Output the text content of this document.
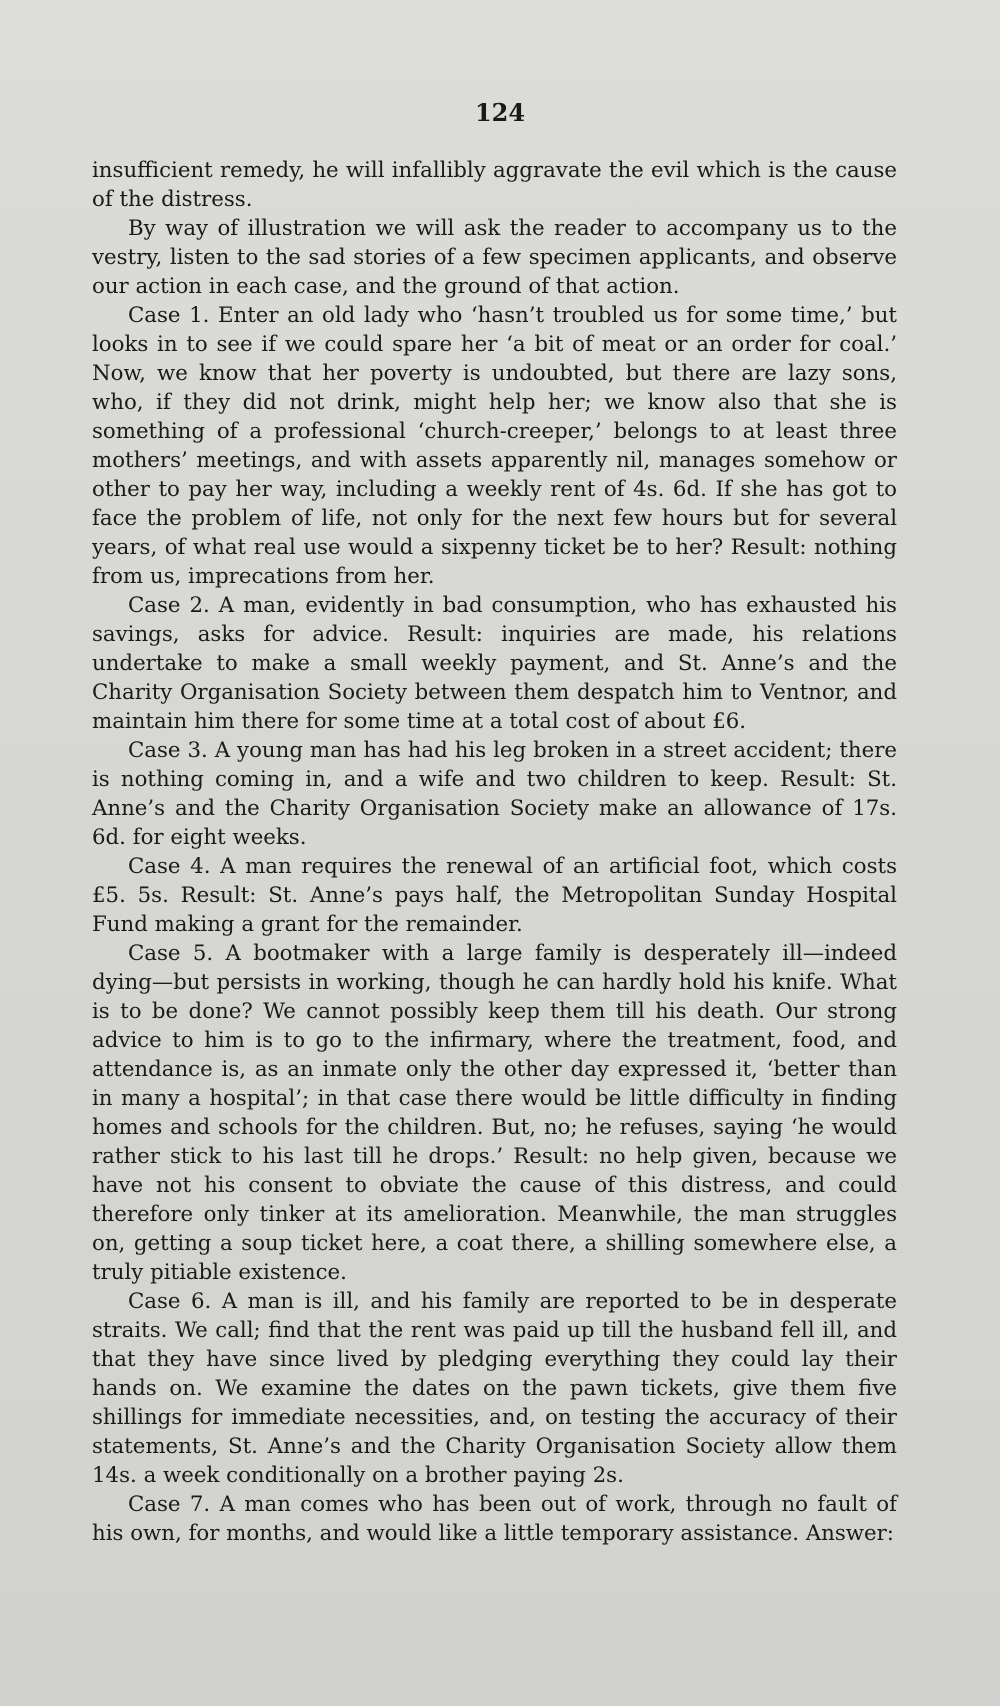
124

insufficient remedy, he will infallibly aggravate the evil which is the cause of the distress.

By way of illustration we will ask the reader to accompany us to the vestry, listen to the sad stories of a few specimen applicants, and observe our action in each case, and the ground of that action.

Case 1. Enter an old lady who ‘hasn’t troubled us for some time,’ but looks in to see if we could spare her ‘a bit of meat or an order for coal.’ Now, we know that her poverty is undoubted, but there are lazy sons, who, if they did not drink, might help her; we know also that she is something of a professional ‘church-creeper,’ belongs to at least three mothers’ meetings, and with assets apparently nil, manages somehow or other to pay her way, including a weekly rent of 4s. 6d. If she has got to face the problem of life, not only for the next few hours but for several years, of what real use would a sixpenny ticket be to her? Result: nothing from us, imprecations from her.

Case 2. A man, evidently in bad consumption, who has exhausted his savings, asks for advice. Result: inquiries are made, his relations undertake to make a small weekly payment, and St. Anne’s and the Charity Organisation Society between them despatch him to Ventnor, and maintain him there for some time at a total cost of about £6.

Case 3. A young man has had his leg broken in a street accident; there is nothing coming in, and a wife and two children to keep. Result: St. Anne’s and the Charity Organisation Society make an allowance of 17s. 6d. for eight weeks.

Case 4. A man requires the renewal of an artificial foot, which costs £5. 5s. Result: St. Anne’s pays half, the Metropolitan Sunday Hospital Fund making a grant for the remainder.

Case 5. A bootmaker with a large family is desperately ill—indeed dying—but persists in working, though he can hardly hold his knife. What is to be done? We cannot possibly keep them till his death. Our strong advice to him is to go to the infirmary, where the treatment, food, and attendance is, as an inmate only the other day expressed it, ‘better than in many a hospital’; in that case there would be little difficulty in finding homes and schools for the children. But, no; he refuses, saying ‘he would rather stick to his last till he drops.’ Result: no help given, because we have not his consent to obviate the cause of this distress, and could therefore only tinker at its amelioration. Meanwhile, the man struggles on, getting a soup ticket here, a coat there, a shilling somewhere else, a truly pitiable existence.

Case 6. A man is ill, and his family are reported to be in desperate straits. We call; find that the rent was paid up till the husband fell ill, and that they have since lived by pledging everything they could lay their hands on. We examine the dates on the pawn tickets, give them five shillings for immediate necessities, and, on testing the accuracy of their statements, St. Anne’s and the Charity Organisation Society allow them 14s. a week conditionally on a brother paying 2s.

Case 7. A man comes who has been out of work, through no fault of his own, for months, and would like a little temporary assistance. Answer:
